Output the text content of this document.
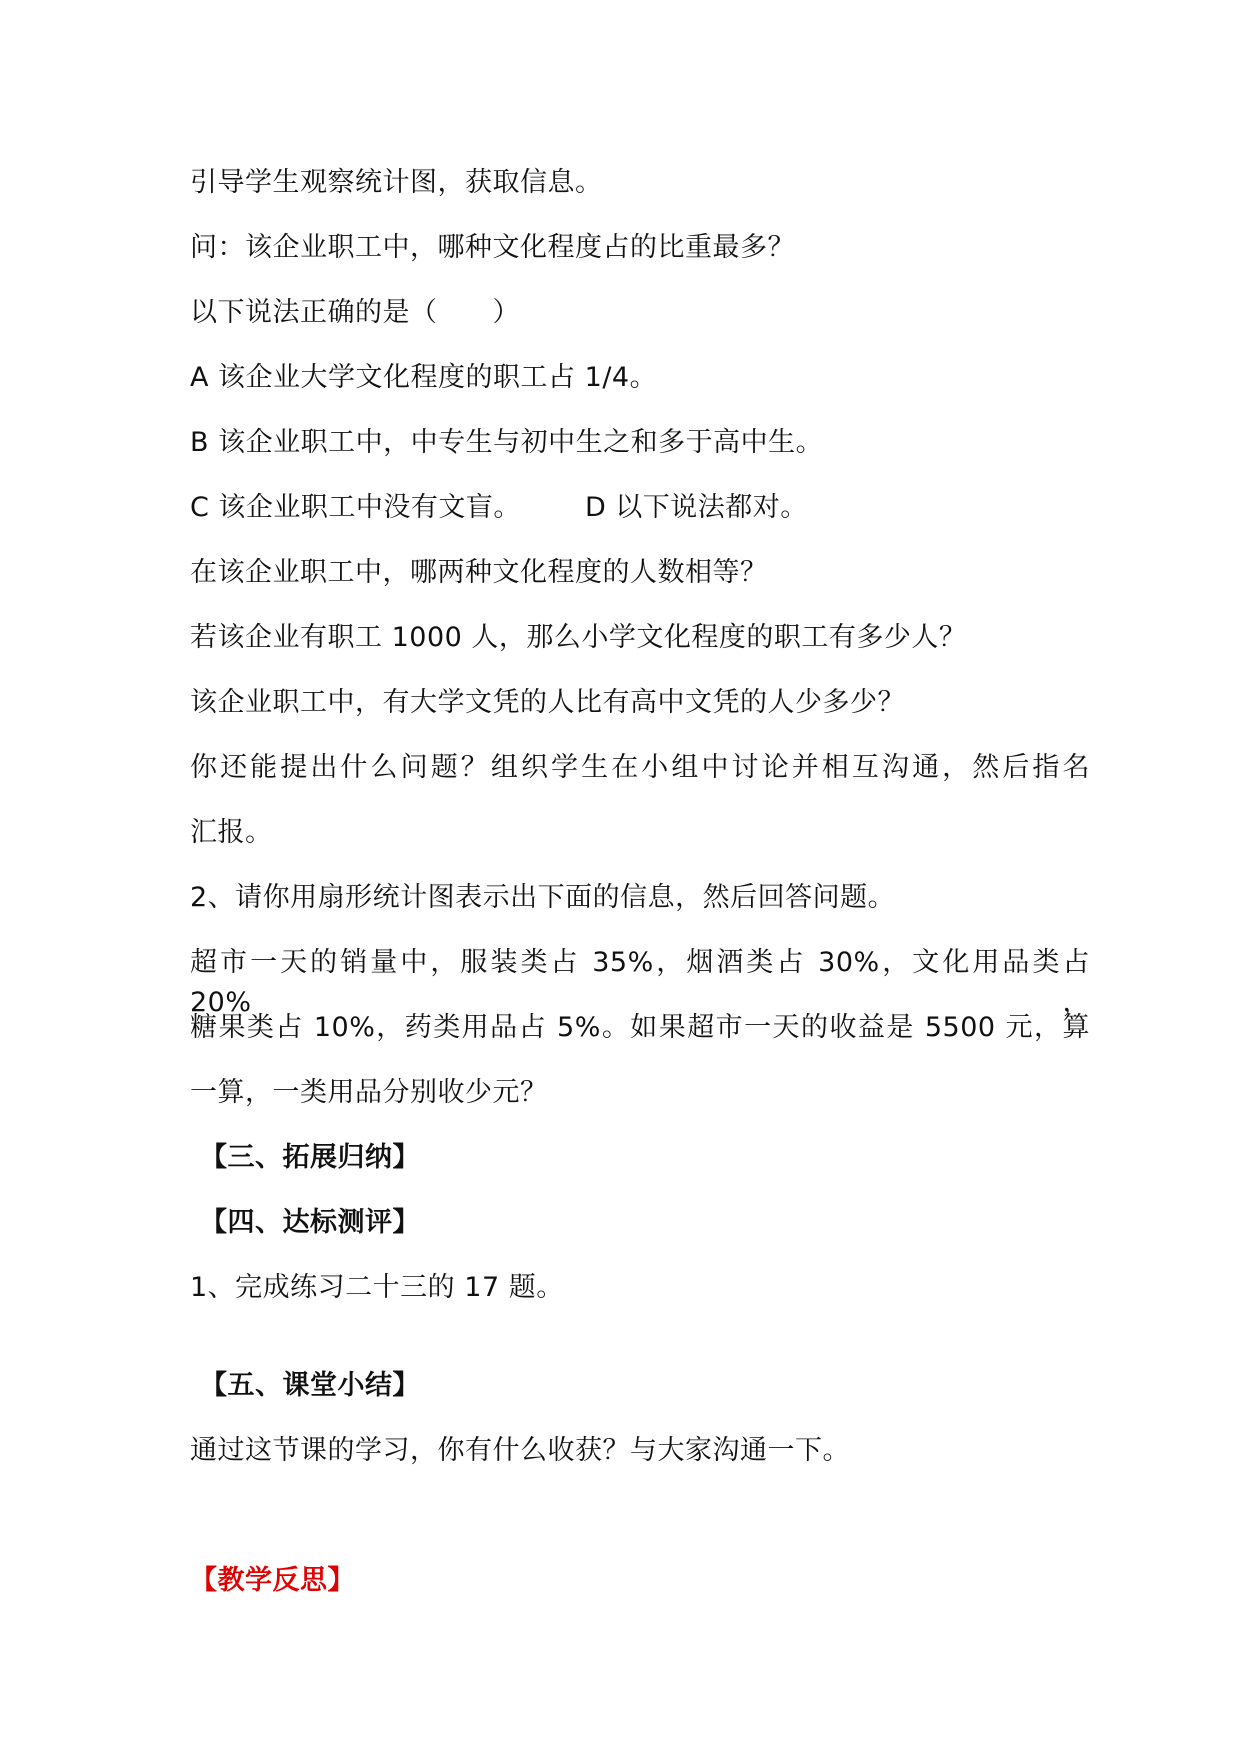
引导学生观察统计图，获取信息。
问：该企业职工中，哪种文化程度占的比重最多？
以下说法正确的是（　　）
A 该企业大学文化程度的职工占 1/4。
B 该企业职工中，中专生与初中生之和多于高中生。
C 该企业职工中没有文盲。 D 以下说法都对。
在该企业职工中，哪两种文化程度的人数相等？
若该企业有职工 1000 人，那么小学文化程度的职工有多少人？
该企业职工中，有大学文凭的人比有高中文凭的人少多少？
你还能提出什么问题？组织学生在小组中讨论并相互沟通，然后指名
汇报。
2、请你用扇形统计图表示出下面的信息，然后回答问题。
超市一天的销量中，服装类占 35%，烟酒类占 30%，文化用品类占 20%，
糖果类占 10%，药类用品占 5%。如果超市一天的收益是 5500 元，算
一算，一类用品分别收少元？
【三、拓展归纳】
【四、达标测评】
1、完成练习二十三的 17 题。
【五、课堂小结】
通过这节课的学习，你有什么收获？与大家沟通一下。
【教学反思】
